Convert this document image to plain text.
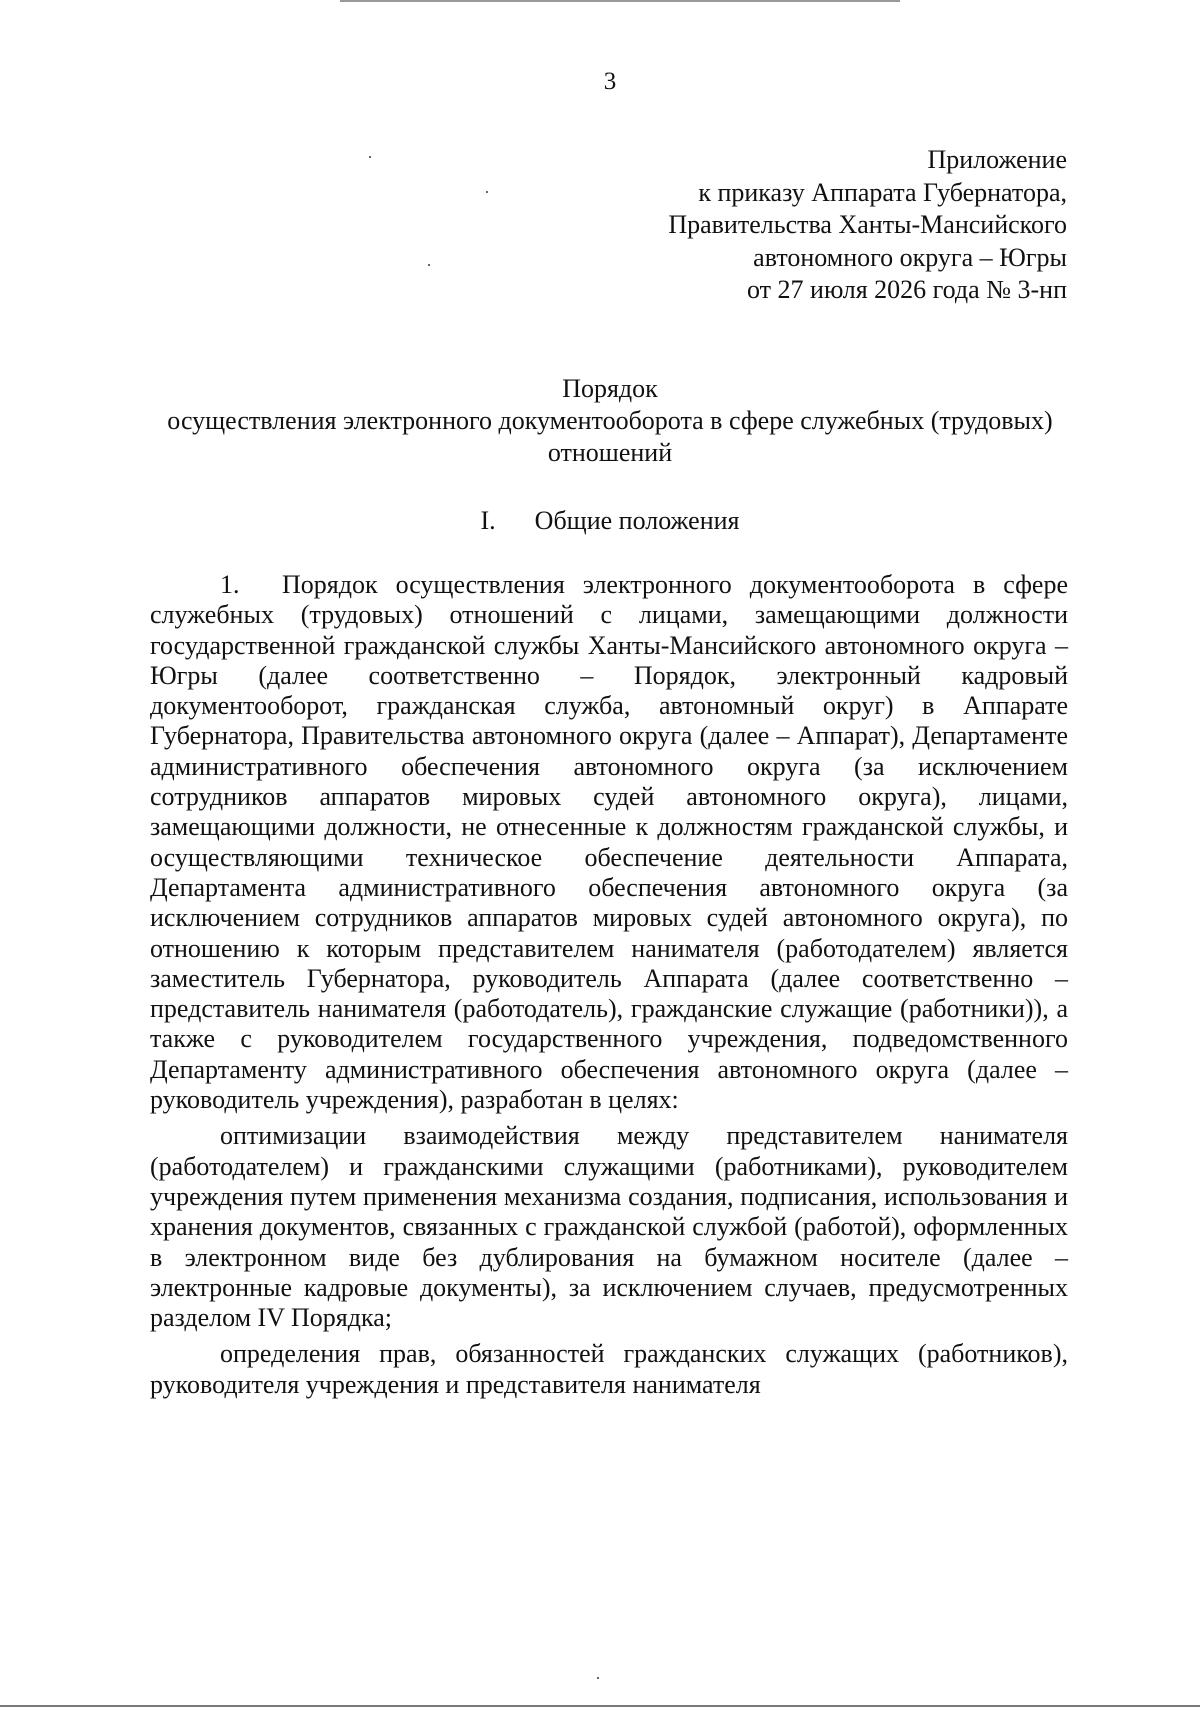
3
Приложение
к приказу Аппарата Губернатора,
Правительства Ханты-Мансийского
автономного округа – Югры
от 27 июля 2026 года № 3-нп
Порядок
осуществления электронного документооборота в сфере служебных (трудовых) отношений
I. Общие положения

1. Порядок осуществления электронного документооборота в сфере служебных (трудовых) отношений с лицами, замещающими должности государственной гражданской службы Ханты-Мансийского автономного округа – Югры (далее соответственно – Порядок, электронный кадровый документооборот, гражданская служба, автономный округ) в Аппарате Губернатора, Правительства автономного округа (далее – Аппарат), Департаменте административного обеспечения автономного округа (за исключением сотрудников аппаратов мировых судей автономного округа), лицами, замещающими должности, не отнесенные к должностям гражданской службы, и осуществляющими техническое обеспечение деятельности Аппарата, Департамента административного обеспечения автономного округа (за исключением сотрудников аппаратов мировых судей автономного округа), по отношению к которым представителем нанимателя (работодателем) является заместитель Губернатора, руководитель Аппарата (далее соответственно – представитель нанимателя (работодатель), гражданские служащие (работники)), а также с руководителем государственного учреждения, подведомственного Департаменту административного обеспечения автономного округа (далее – руководитель учреждения), разработан в целях:

оптимизации взаимодействия между представителем нанимателя (работодателем) и гражданскими служащими (работниками), руководителем учреждения путем применения механизма создания, подписания, использования и хранения документов, связанных с гражданской службой (работой), оформленных в электронном виде без дублирования на бумажном носителе (далее – электронные кадровые документы), за исключением случаев, предусмотренных разделом IV Порядка;

определения прав, обязанностей гражданских служащих (работников), руководителя учреждения и представителя нанимателя
